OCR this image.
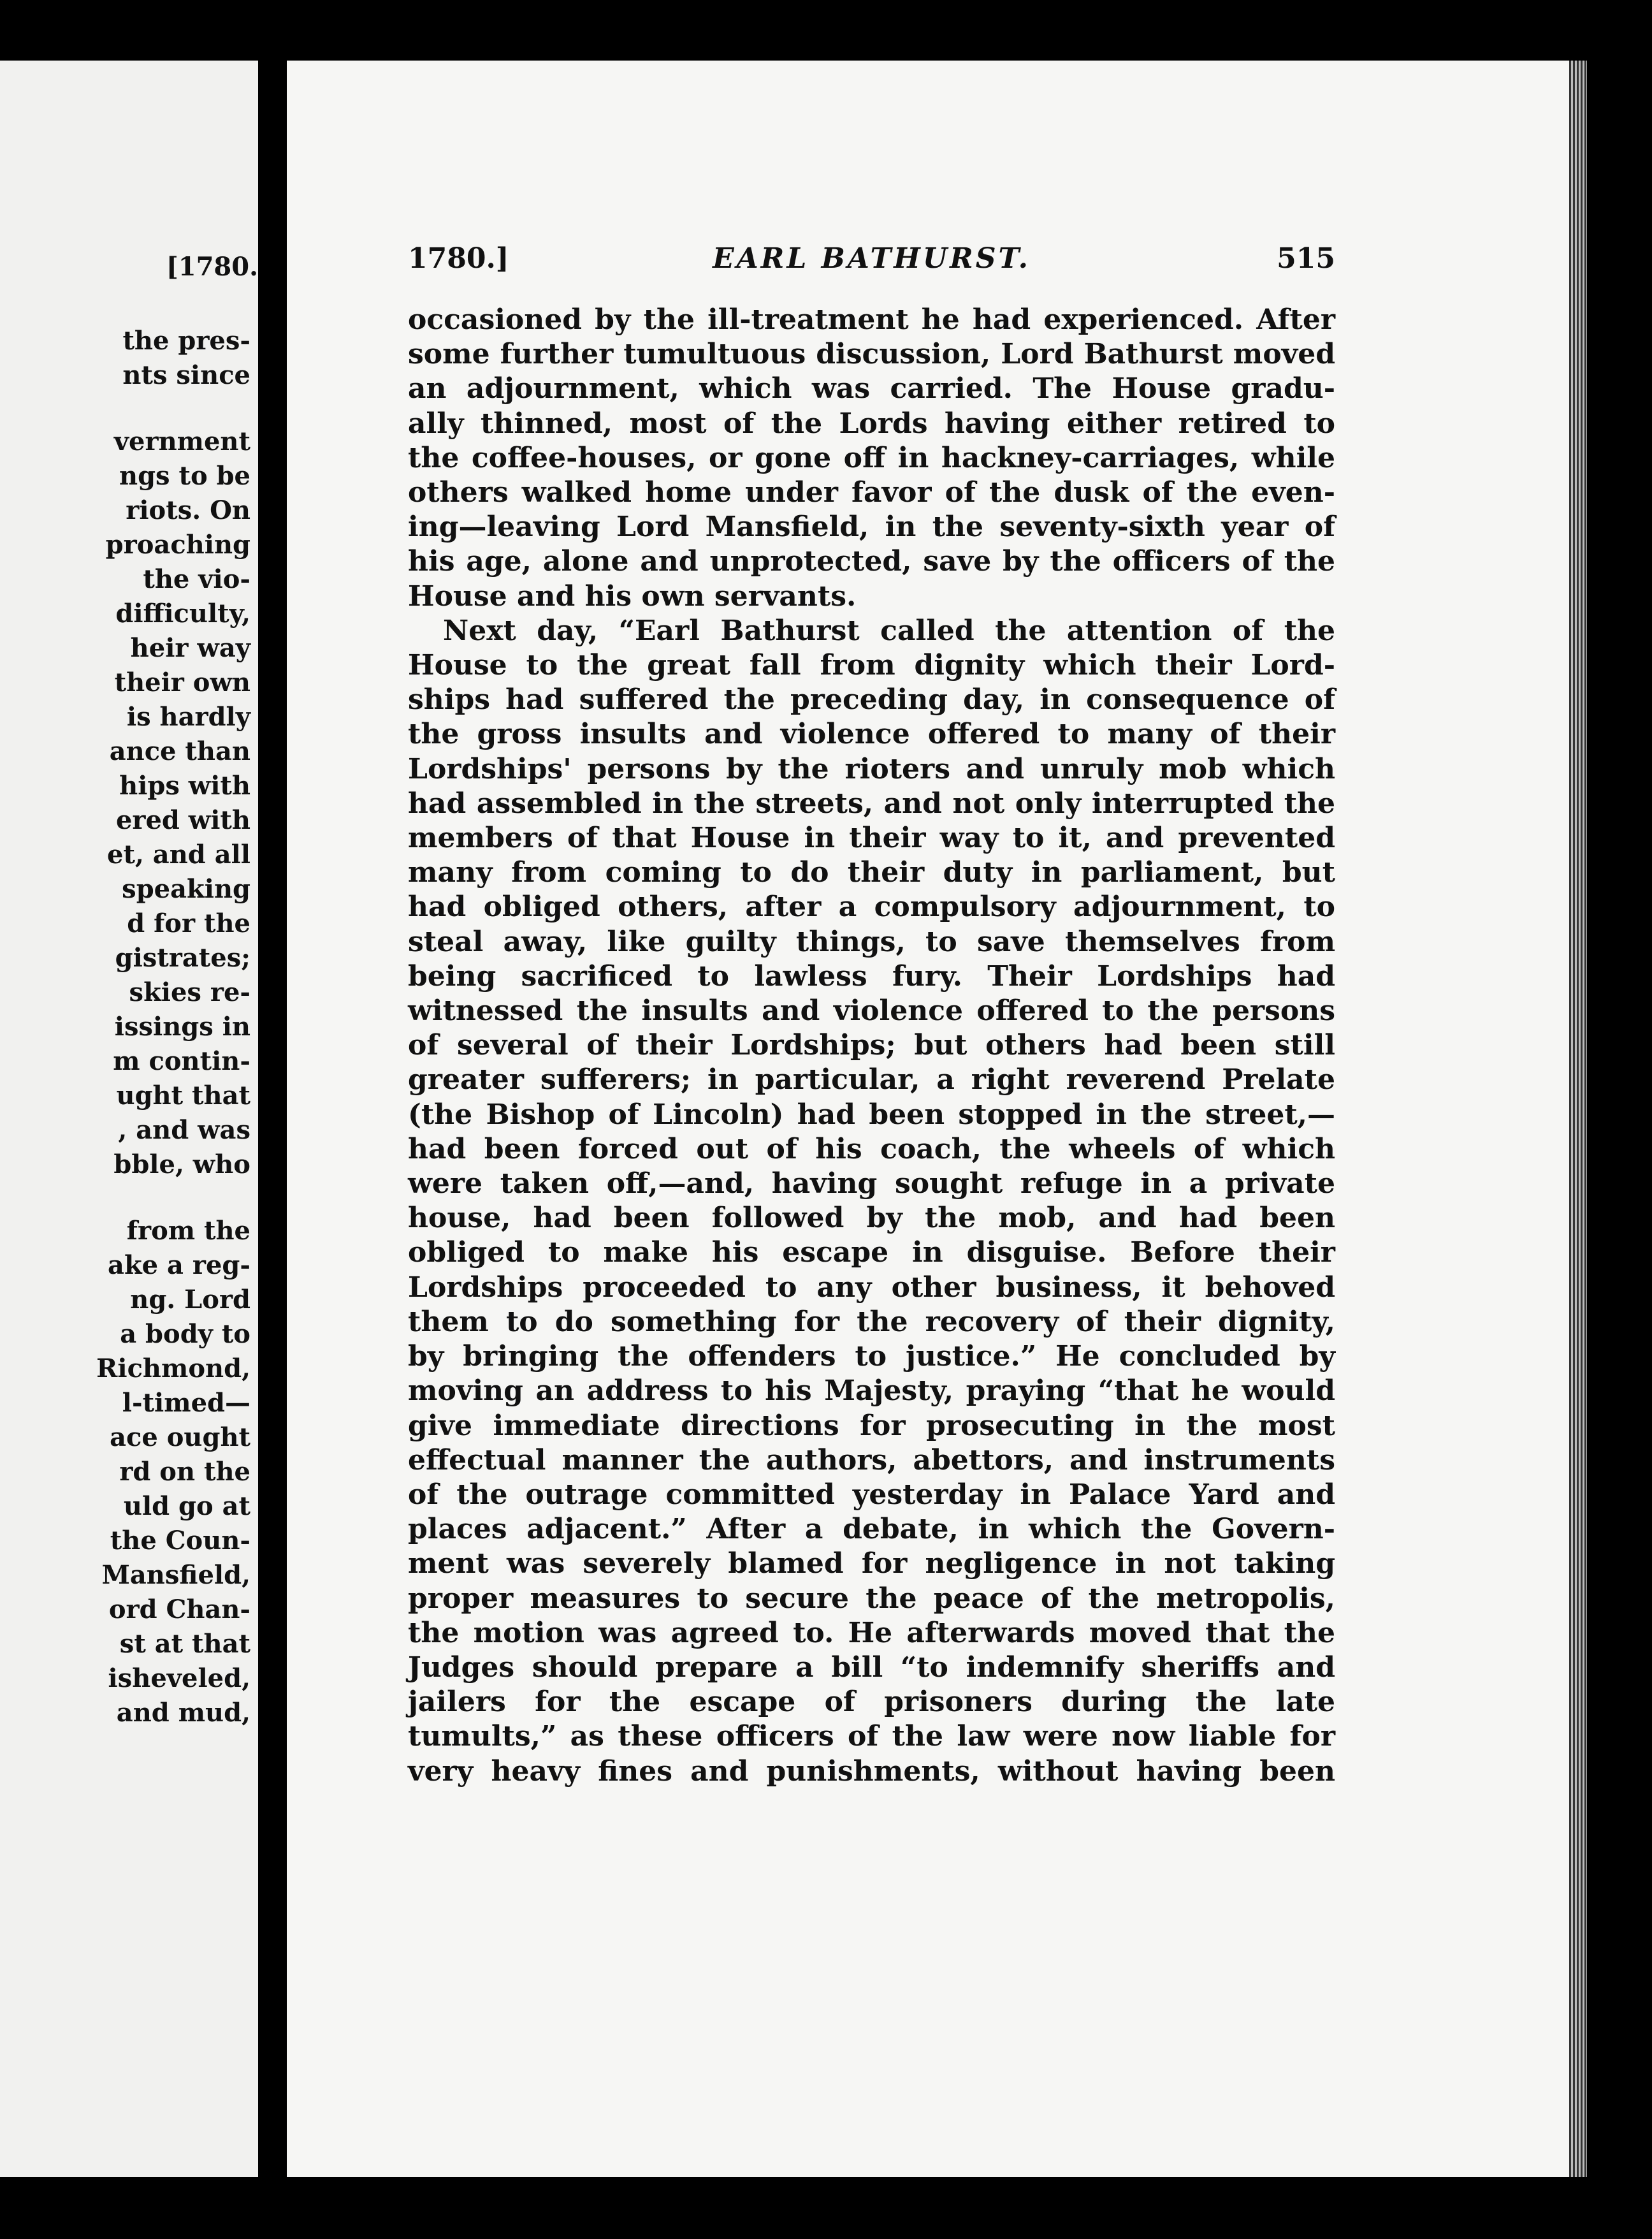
[1780.
the pres-
nts since
vernment
ngs to be
riots. On
proaching
the vio-
difficulty,
heir way
their own
is hardly
ance than
hips with
ered with
et, and all
speaking
d for the
gistrates;
skies re-
issings in
m contin-
ught that
, and was
bble, who
from the
ake a reg-
ng. Lord
a body to
Richmond,
l-timed—
ace ought
rd on the
uld go at
the Coun-
Mansfield,
ord Chan-
st at that
isheveled,
and mud,
1780.]	EARL BATHURST.	515
occasioned by the ill-treatment he had experienced. After
some further tumultuous discussion, Lord Bathurst moved
an adjournment, which was carried. The House gradu-
ally thinned, most of the Lords having either retired to
the coffee-houses, or gone off in hackney-carriages, while
others walked home under favor of the dusk of the even-
ing—leaving Lord Mansfield, in the seventy-sixth year of
his age, alone and unprotected, save by the officers of the
House and his own servants.
Next day, “Earl Bathurst called the attention of the
House to the great fall from dignity which their Lord-
ships had suffered the preceding day, in consequence of
the gross insults and violence offered to many of their
Lordships' persons by the rioters and unruly mob which
had assembled in the streets, and not only interrupted the
members of that House in their way to it, and prevented
many from coming to do their duty in parliament, but
had obliged others, after a compulsory adjournment, to
steal away, like guilty things, to save themselves from
being sacrificed to lawless fury. Their Lordships had
witnessed the insults and violence offered to the persons
of several of their Lordships; but others had been still
greater sufferers; in particular, a right reverend Prelate
(the Bishop of Lincoln) had been stopped in the street,—
had been forced out of his coach, the wheels of which
were taken off,—and, having sought refuge in a private
house, had been followed by the mob, and had been
obliged to make his escape in disguise. Before their
Lordships proceeded to any other business, it behoved
them to do something for the recovery of their dignity,
by bringing the offenders to justice.” He concluded by
moving an address to his Majesty, praying “that he would
give immediate directions for prosecuting in the most
effectual manner the authors, abettors, and instruments
of the outrage committed yesterday in Palace Yard and
places adjacent.” After a debate, in which the Govern-
ment was severely blamed for negligence in not taking
proper measures to secure the peace of the metropolis,
the motion was agreed to. He afterwards moved that the
Judges should prepare a bill “to indemnify sheriffs and
jailers for the escape of prisoners during the late
tumults,” as these officers of the law were now liable for
very heavy fines and punishments, without having been
